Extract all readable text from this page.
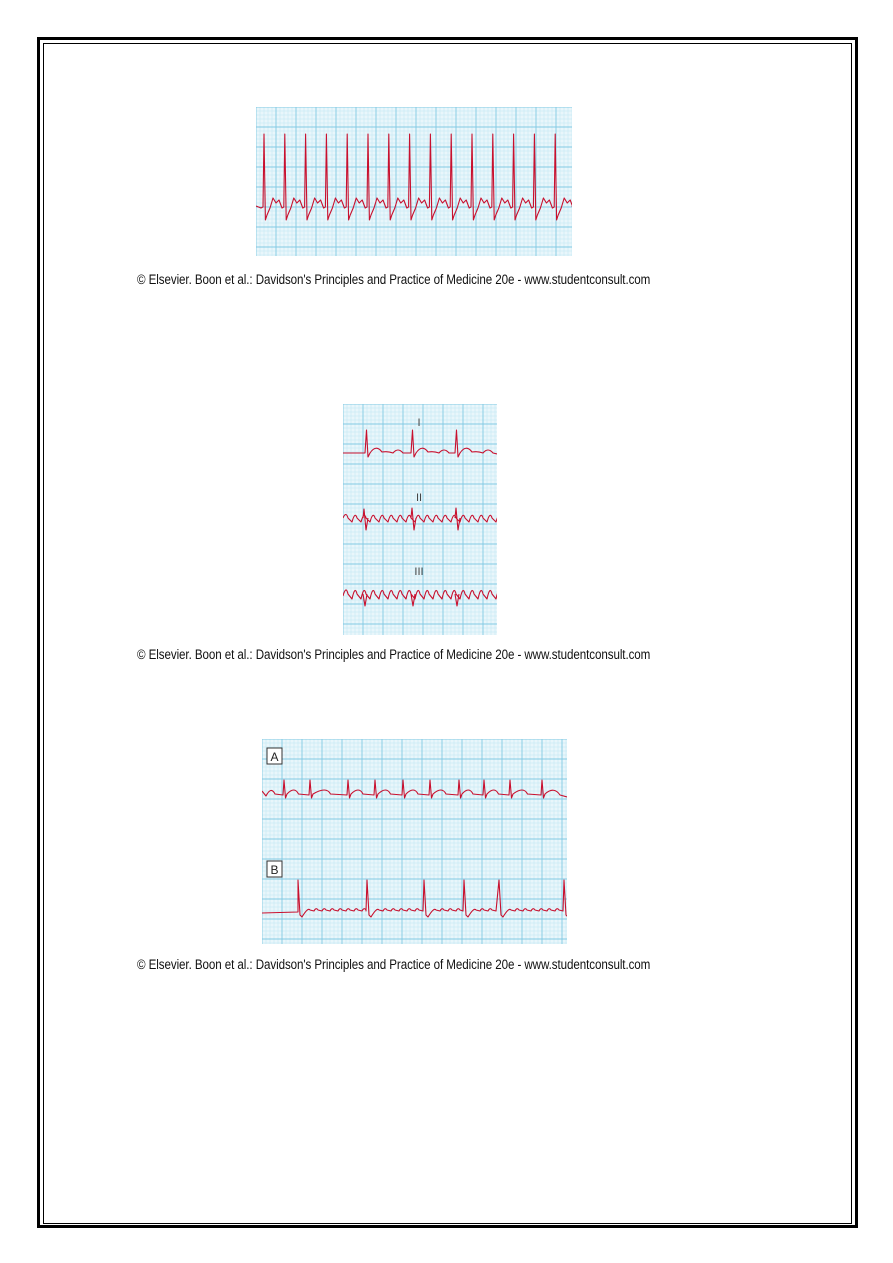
© Elsevier. Boon et al.: Davidson's Principles and Practice of Medicine 20e - www.studentconsult.com

I
II
III

© Elsevier. Boon et al.: Davidson's Principles and Practice of Medicine 20e - www.studentconsult.com

A
B

© Elsevier. Boon et al.: Davidson's Principles and Practice of Medicine 20e - www.studentconsult.com
